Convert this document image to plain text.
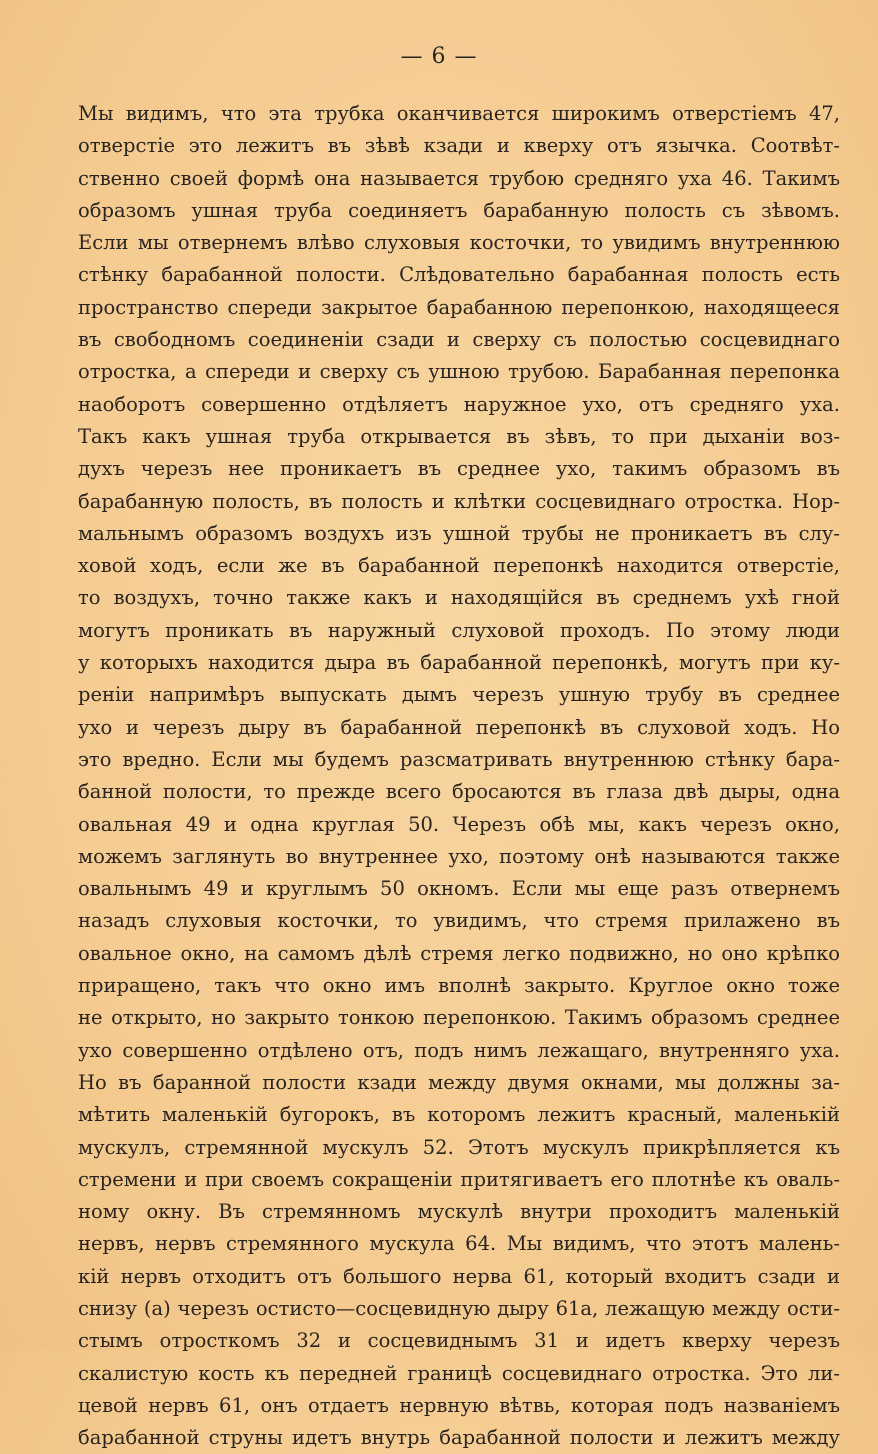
— 6 —
Мы видимъ, что эта трубка оканчивается широкимъ отверстіемъ 47,
отверстіе это лежитъ въ зѣвѣ кзади и кверху отъ язычка. Соотвѣт-
ственно своей формѣ она называется трубою средняго уха 46. Такимъ
образомъ ушная труба соединяетъ барабанную полость съ зѣвомъ.
Если мы отвернемъ влѣво слуховыя косточки, то увидимъ внутреннюю
стѣнку барабанной полости. Слѣдовательно барабанная полость есть
пространство спереди закрытое барабанною перепонкою, находящееся
въ свободномъ соединеніи сзади и сверху съ полостью сосцевиднаго
отростка, а спереди и сверху съ ушною трубою. Барабанная перепонка
наоборотъ совершенно отдѣляетъ наружное ухо, отъ средняго уха.
Такъ какъ ушная труба открывается въ зѣвъ, то при дыханіи воз-
духъ черезъ нее проникаетъ въ среднее ухо, такимъ образомъ въ
барабанную полость, въ полость и клѣтки сосцевиднаго отростка. Нор-
мальнымъ образомъ воздухъ изъ ушной трубы не проникаетъ въ слу-
ховой ходъ, если же въ барабанной перепонкѣ находится отверстіе,
то воздухъ, точно также какъ и находящійся въ среднемъ ухѣ гной
могутъ проникать въ наружный слуховой проходъ. По этому люди
у которыхъ находится дыра въ барабанной перепонкѣ, могутъ при ку-
реніи напримѣръ выпускать дымъ черезъ ушную трубу въ среднее
ухо и черезъ дыру въ барабанной перепонкѣ въ слуховой ходъ. Но
это вредно. Если мы будемъ разсматривать внутреннюю стѣнку бара-
банной полости, то прежде всего бросаются въ глаза двѣ дыры, одна
овальная 49 и одна круглая 50. Черезъ обѣ мы, какъ черезъ окно,
можемъ заглянуть во внутреннее ухо, поэтому онѣ называются также
овальнымъ 49 и круглымъ 50 окномъ. Если мы еще разъ отвернемъ
назадъ слуховыя косточки, то увидимъ, что стремя прилажено въ
овальное окно, на самомъ дѣлѣ стремя легко подвижно, но оно крѣпко
приращено, такъ что окно имъ вполнѣ закрыто. Круглое окно тоже
не открыто, но закрыто тонкою перепонкою. Такимъ образомъ среднее
ухо совершенно отдѣлено отъ, подъ нимъ лежащаго, внутренняго уха.
Но въ баранной полости кзади между двумя окнами, мы должны за-
мѣтить маленькій бугорокъ, въ которомъ лежитъ красный, маленькій
мускулъ, стремянной мускулъ 52. Этотъ мускулъ прикрѣпляется къ
стремени и при своемъ сокращеніи притягиваетъ его плотнѣе къ оваль-
ному окну. Въ стремянномъ мускулѣ внутри проходитъ маленькій
нервъ, нервъ стремянного мускула 64. Мы видимъ, что этотъ малень-
кій нервъ отходитъ отъ большого нерва 61, который входитъ сзади и
снизу (а) черезъ остисто—сосцевидную дыру 61а, лежащую между ости-
стымъ отросткомъ 32 и сосцевиднымъ 31 и идетъ кверху черезъ
скалистую кость къ передней границѣ сосцевиднаго отростка. Это ли-
цевой нервъ 61, онъ отдаетъ нервную вѣтвь, которая подъ названіемъ
барабанной струны идетъ внутрь барабанной полости и лежитъ между
